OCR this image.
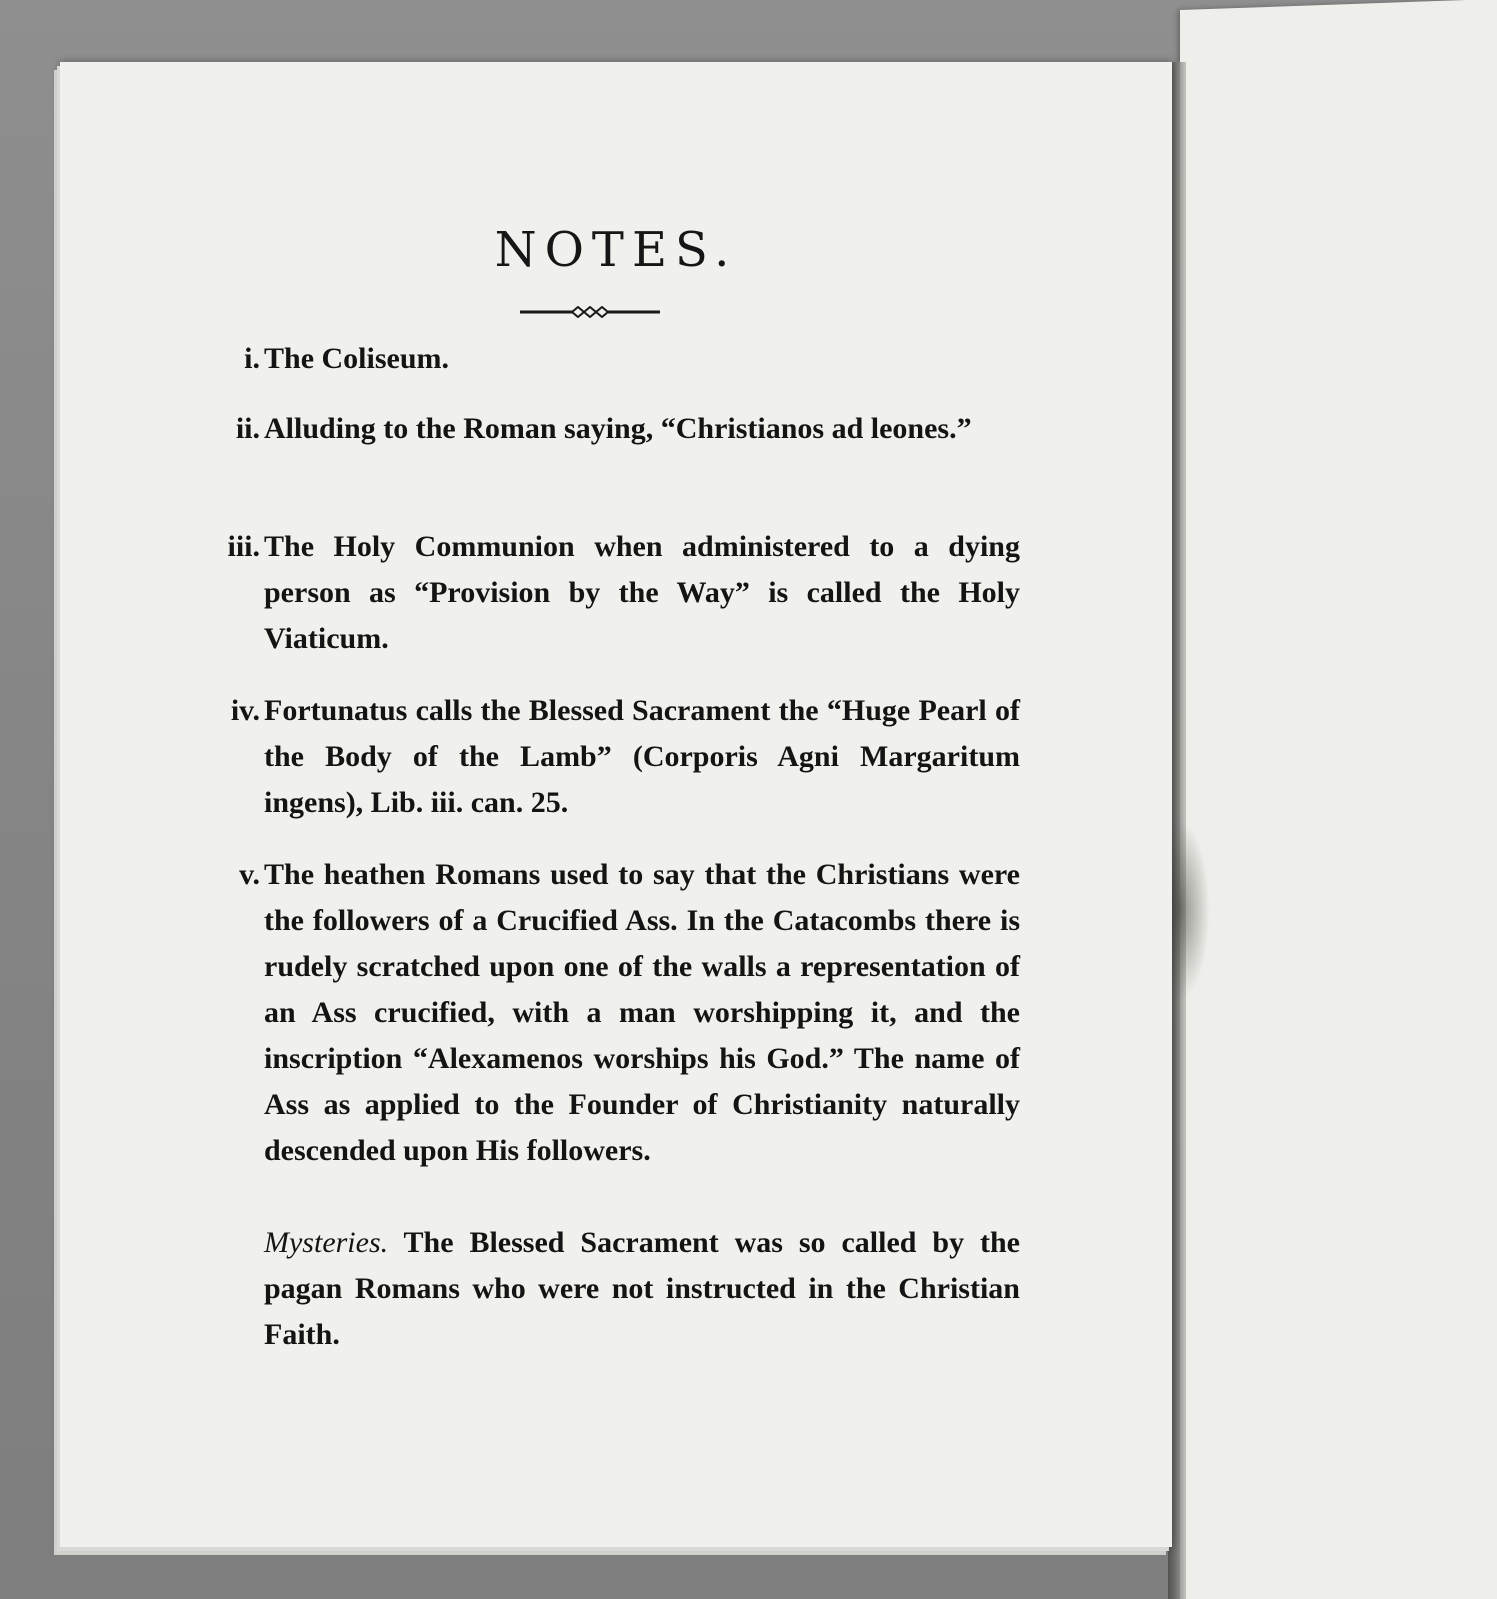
NOTES.
i. The Coliseum.
ii. Alluding to the Roman saying, “Christianos ad leones.”
iii. The Holy Communion when administered to a dying person as “Provision by the Way” is called the Holy Viaticum.
iv. Fortunatus calls the Blessed Sacrament the “Huge Pearl of the Body of the Lamb” (Corporis Agni Margaritum ingens), Lib. iii. can. 25.
v. The heathen Romans used to say that the Christians were the followers of a Crucified Ass. In the Catacombs there is rudely scratched upon one of the walls a representation of an Ass crucified, with a man worshipping it, and the inscription “Alexamenos worships his God.” The name of Ass as applied to the Founder of Christianity naturally descended upon His followers.
Mysteries. The Blessed Sacrament was so called by the pagan Romans who were not instructed in the Christian Faith.
